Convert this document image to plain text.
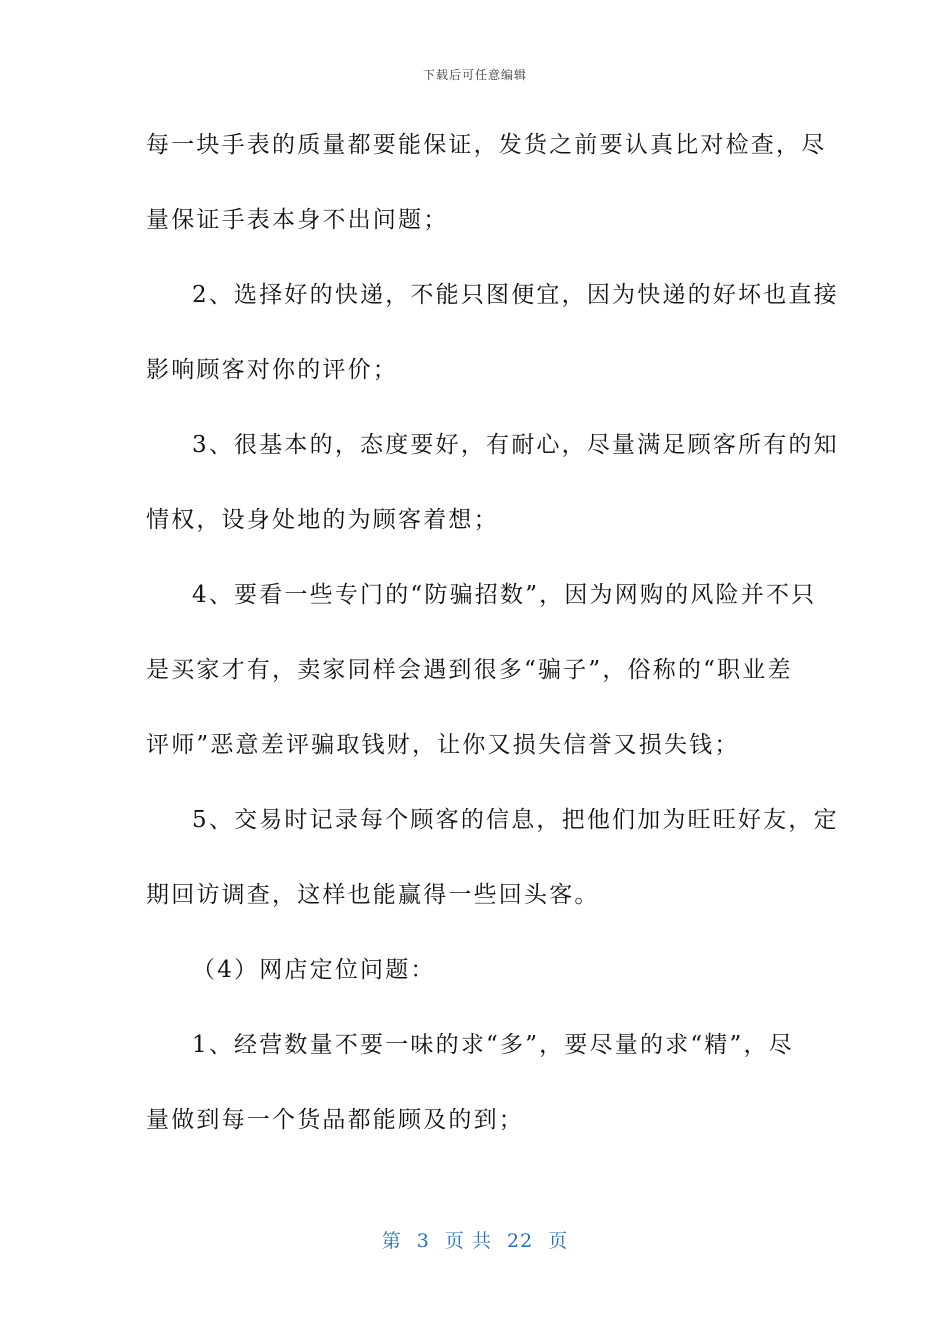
下载后可任意编辑
每一块手表的质量都要能保证，发货之前要认真比对检查，尽
量保证手表本身不出问题；
2、选择好的快递，不能只图便宜，因为快递的好坏也直接
影响顾客对你的评价；
3、很基本的，态度要好，有耐心，尽量满足顾客所有的知
情权，设身处地的为顾客着想；
4、要看一些专门的“防骗招数”，因为网购的风险并不只
是买家才有，卖家同样会遇到很多“骗子”，俗称的“职业差
评师”恶意差评骗取钱财，让你又损失信誉又损失钱；
5、交易时记录每个顾客的信息，把他们加为旺旺好友，定
期回访调查，这样也能赢得一些回头客。
（4）网店定位问题：
1、经营数量不要一味的求“多”，要尽量的求“精”，尽
量做到每一个货品都能顾及的到；
第 3 页 共 22 页
